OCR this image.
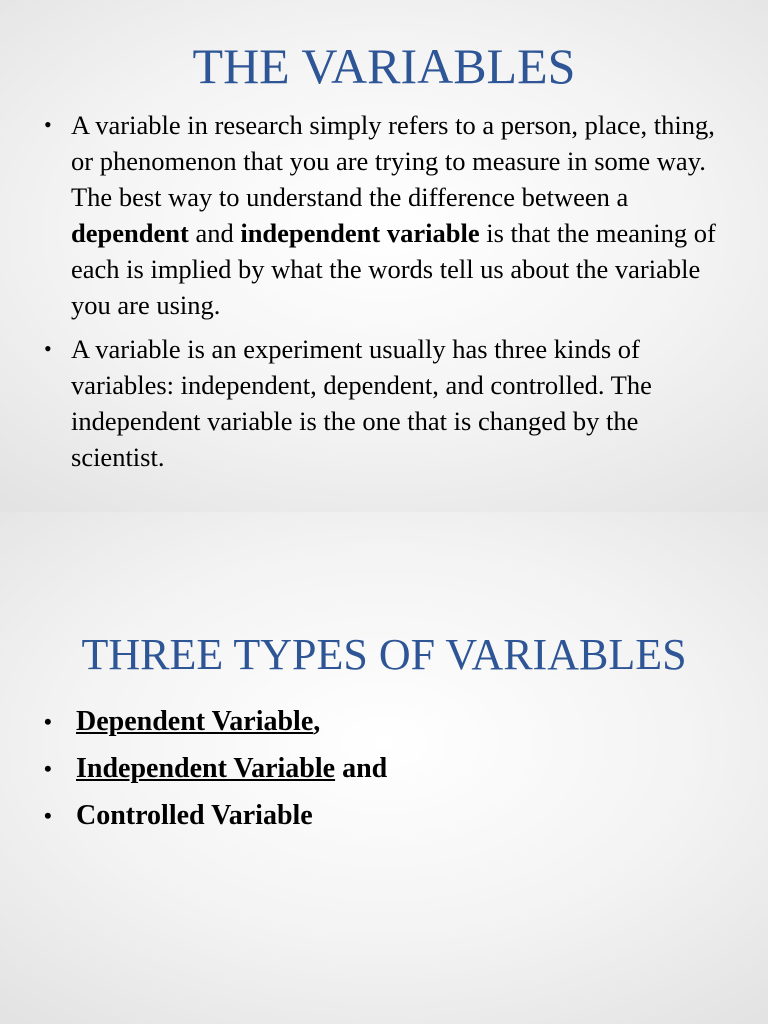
THE VARIABLES
• A variable in research simply refers to a person, place, thing, or phenomenon that you are trying to measure in some way. The best way to understand the difference between a dependent and independent variable is that the meaning of each is implied by what the words tell us about the variable you are using.
• A variable is an experiment usually has three kinds of variables: independent, dependent, and controlled. The independent variable is the one that is changed by the scientist.
THREE TYPES OF VARIABLES
• Dependent Variable,
• Independent Variable and
• Controlled Variable
